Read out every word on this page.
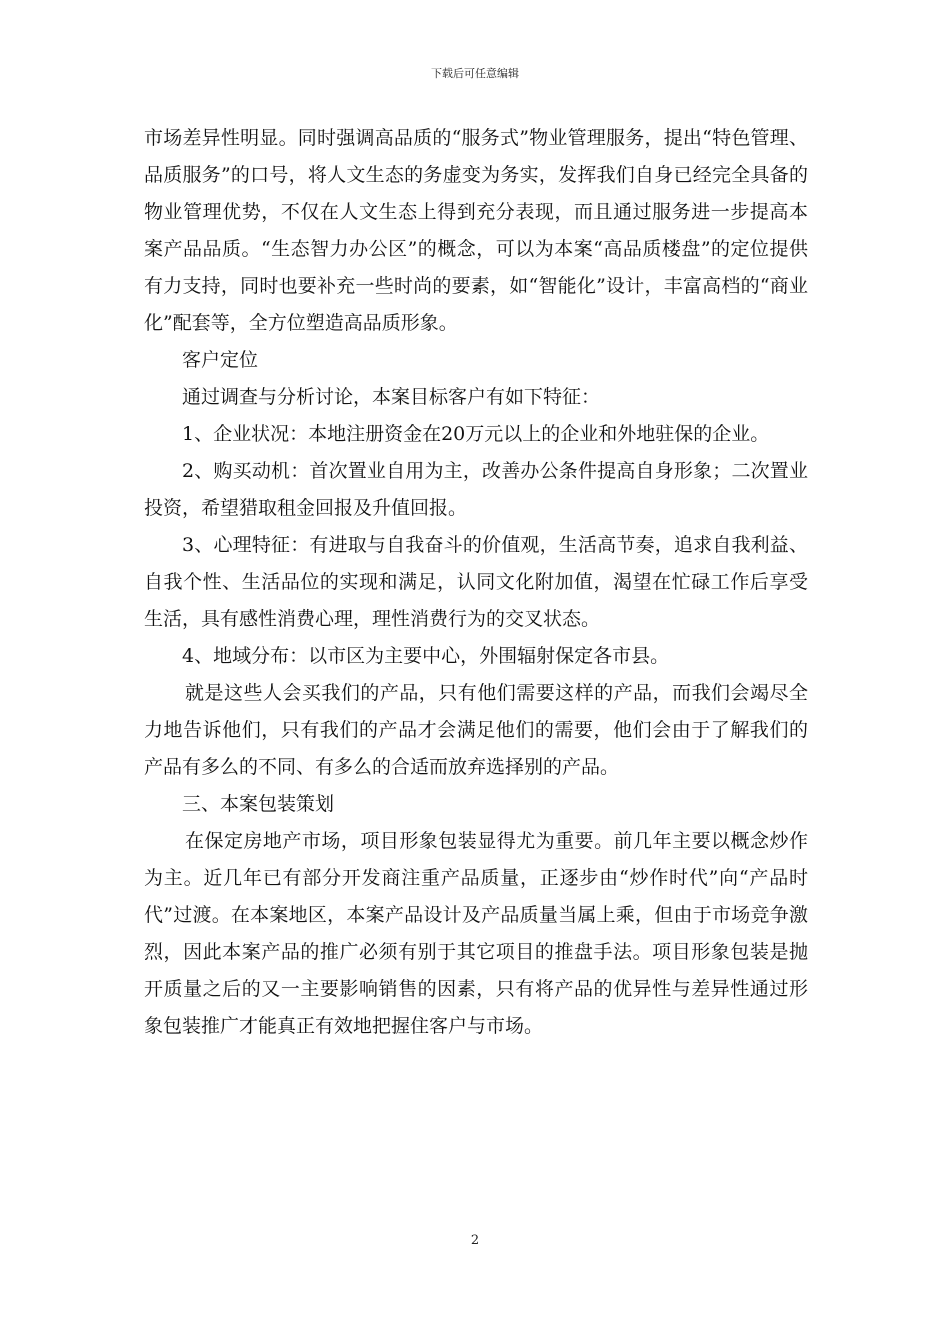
下载后可任意编辑

市场差异性明显。同时强调高品质的“服务式”物业管理服务，提出“特色管理、品质服务”的口号，将人文生态的务虚变为务实，发挥我们自身已经完全具备的物业管理优势，不仅在人文生态上得到充分表现，而且通过服务进一步提高本案产品品质。“生态智力办公区”的概念，可以为本案“高品质楼盘”的定位提供有力支持，同时也要补充一些时尚的要素，如“智能化”设计，丰富高档的“商业化”配套等，全方位塑造高品质形象。

客户定位

通过调查与分析讨论，本案目标客户有如下特征：

1、企业状况：本地注册资金在20万元以上的企业和外地驻保的企业。

2、购买动机：首次置业自用为主，改善办公条件提高自身形象；二次置业投资，希望猎取租金回报及升值回报。

3、心理特征：有进取与自我奋斗的价值观，生活高节奏，追求自我利益、自我个性、生活品位的实现和满足，认同文化附加值，渴望在忙碌工作后享受生活，具有感性消费心理，理性消费行为的交叉状态。

4、地域分布：以市区为主要中心，外围辐射保定各市县。

就是这些人会买我们的产品，只有他们需要这样的产品，而我们会竭尽全力地告诉他们，只有我们的产品才会满足他们的需要，他们会由于了解我们的产品有多么的不同、有多么的合适而放弃选择别的产品。

三、本案包装策划

在保定房地产市场，项目形象包装显得尤为重要。前几年主要以概念炒作为主。近几年已有部分开发商注重产品质量，正逐步由“炒作时代”向“产品时代”过渡。在本案地区，本案产品设计及产品质量当属上乘，但由于市场竞争激烈，因此本案产品的推广必须有别于其它项目的推盘手法。项目形象包装是抛开质量之后的又一主要影响销售的因素，只有将产品的优异性与差异性通过形象包装推广才能真正有效地把握住客户与市场。

2
